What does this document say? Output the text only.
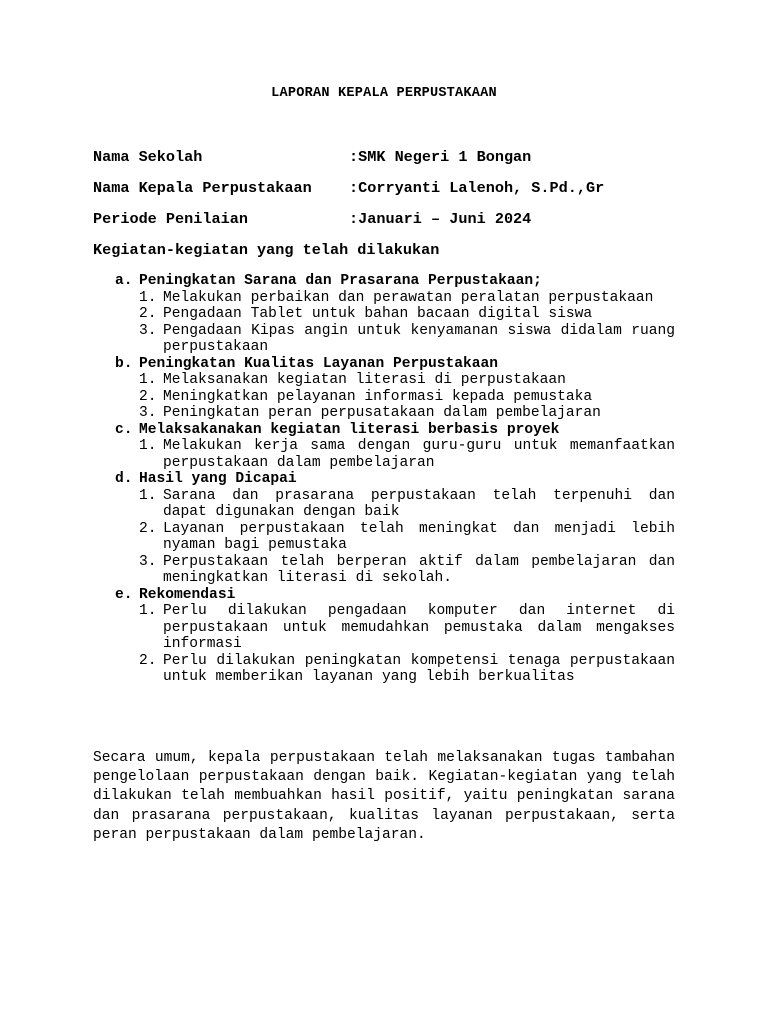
LAPORAN KEPALA PERPUSTAKAAN
Nama Sekolah	:SMK Negeri 1 Bongan
Nama Kepala Perpustakaan :Corryanti Lalenoh, S.Pd.,Gr
Periode Penilaian	:Januari – Juni 2024
Kegiatan-kegiatan yang telah dilakukan
a. Peningkatan Sarana dan Prasarana Perpustakaan;
1. Melakukan perbaikan dan perawatan peralatan perpustakaan
2. Pengadaan Tablet untuk bahan bacaan digital siswa
3. Pengadaan Kipas angin untuk kenyamanan siswa didalam ruang perpustakaan
b. Peningkatan Kualitas Layanan Perpustakaan
1. Melaksanakan kegiatan literasi di perpustakaan
2. Meningkatkan pelayanan informasi kepada pemustaka
3. Peningkatan peran perpusatakaan dalam pembelajaran
c. Melaksakanakan kegiatan literasi berbasis proyek
1. Melakukan kerja sama dengan guru-guru untuk memanfaatkan perpustakaan dalam pembelajaran
d. Hasil yang Dicapai
1. Sarana dan prasarana perpustakaan telah terpenuhi dan dapat digunakan dengan baik
2. Layanan perpustakaan telah meningkat dan menjadi lebih nyaman bagi pemustaka
3. Perpustakaan telah berperan aktif dalam pembelajaran dan meningkatkan literasi di sekolah.
e. Rekomendasi
1. Perlu dilakukan pengadaan komputer dan internet di perpustakaan untuk memudahkan pemustaka dalam mengakses informasi
2. Perlu dilakukan peningkatan kompetensi tenaga perpustakaan untuk memberikan layanan yang lebih berkualitas
Secara umum, kepala perpustakaan telah melaksanakan tugas tambahan pengelolaan perpustakaan dengan baik. Kegiatan-kegiatan yang telah dilakukan telah membuahkan hasil positif, yaitu peningkatan sarana dan prasarana perpustakaan, kualitas layanan perpustakaan, serta peran perpustakaan dalam pembelajaran.
